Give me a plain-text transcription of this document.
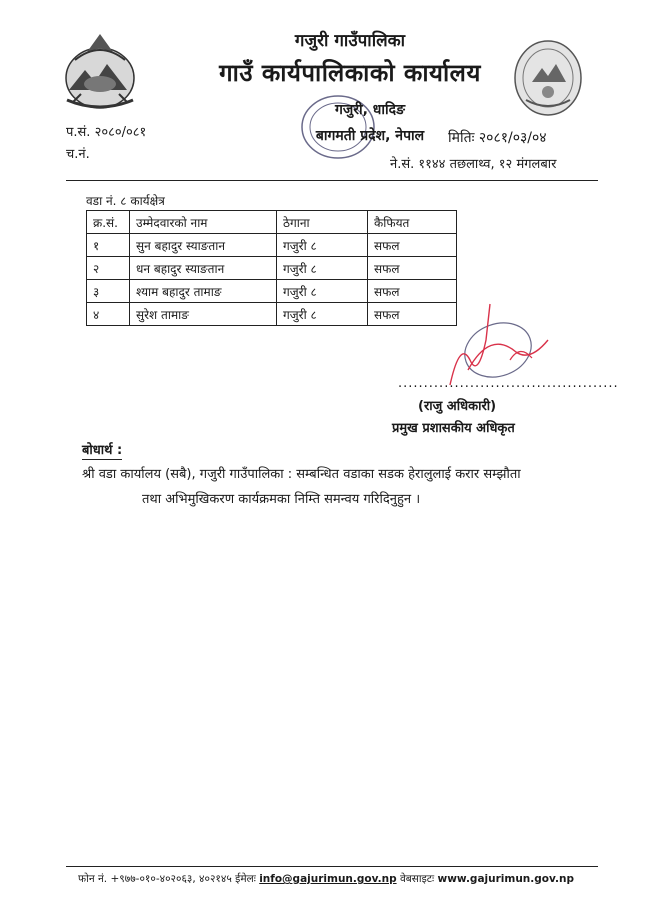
गजुरी गाउँपालिका
गाउँ कार्यपालिकाको कार्यालय
गजुरी, धादिङ
बागमती प्रदेश, नेपाल
प.सं. २०८०/०८१
च.नं.
मितिः २०८१/०३/०४
ने.सं. ११४४ तछलाथ्व, १२ मंगलबार
वडा नं. ८ कार्यक्षेत्र
क्र.सं.	उम्मेदवारको नाम	ठेगाना	कैफियत
१	सुन बहादुर स्याङतान	गजुरी ८	सफल
२	धन बहादुर स्याङतान	गजुरी ८	सफल
३	श्याम बहादुर तामाङ	गजुरी ८	सफल
४	सुरेश तामाङ	गजुरी ८	सफल
...........................................
(राजु अधिकारी)
प्रमुख प्रशासकीय अधिकृत
बोधार्थ :
श्री वडा कार्यालय (सबै), गजुरी गाउँपालिका : सम्बन्धित वडाका सडक हेरालुलाई करार सम्झौता
तथा अभिमुखिकरण कार्यक्रमका निम्ति समन्वय गरिदिनुहुन ।
फोन नं. +९७७-०१०-४०२०६३, ४०२१४५ ईमेलः info@gajurimun.gov.np वेबसाइटः www.gajurimun.gov.np
